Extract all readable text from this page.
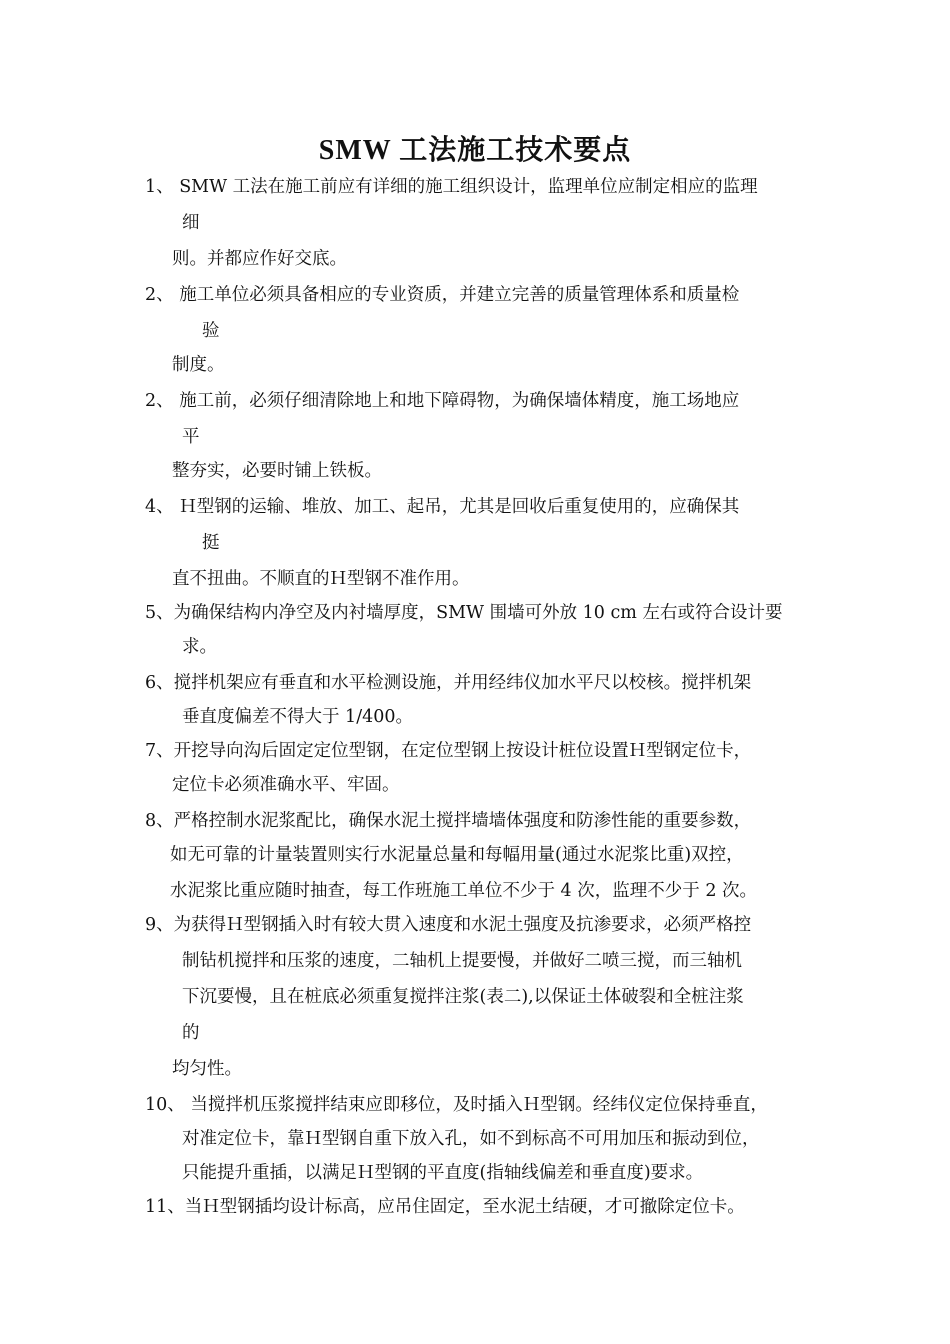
SMW 工法施工技术要点
1、 SMW 工法在施工前应有详细的施工组织设计，监理单位应制定相应的监理
细
则。并都应作好交底。
2、 施工单位必须具备相应的专业资质，并建立完善的质量管理体系和质量检
验
制度。
2、 施工前，必须仔细清除地上和地下障碍物，为确保墙体精度，施工场地应
平
整夯实，必要时铺上铁板。
4、 Ｈ型钢的运输、堆放、加工、起吊，尤其是回收后重复使用的，应确保其
挺
直不扭曲。不顺直的Ｈ型钢不准作用。
5、为确保结构内净空及内衬墙厚度，SMW 围墙可外放 10 cm 左右或符合设计要
求。
6、搅拌机架应有垂直和水平检测设施，并用经纬仪加水平尺以校核。搅拌机架
垂直度偏差不得大于 1/400。
7、开挖导向沟后固定定位型钢，在定位型钢上按设计桩位设置Ｈ型钢定位卡，
定位卡必须准确水平、牢固。
8、严格控制水泥浆配比，确保水泥土搅拌墙墙体强度和防渗性能的重要参数，
如无可靠的计量装置则实行水泥量总量和每幅用量(通过水泥浆比重)双控，
水泥浆比重应随时抽查，每工作班施工单位不少于 4 次，监理不少于 2 次。
9、为获得Ｈ型钢插入时有较大贯入速度和水泥土强度及抗渗要求，必须严格控
制钻机搅拌和压浆的速度，二轴机上提要慢，并做好二喷三搅，而三轴机
下沉要慢，且在桩底必须重复搅拌注浆(表二),以保证土体破裂和全桩注浆
的
均匀性。
10、 当搅拌机压浆搅拌结束应即移位，及时插入Ｈ型钢。经纬仪定位保持垂直，
对准定位卡，靠Ｈ型钢自重下放入孔，如不到标高不可用加压和振动到位，
只能提升重插，以满足Ｈ型钢的平直度(指轴线偏差和垂直度)要求。
11、当Ｈ型钢插均设计标高，应吊住固定，至水泥土结硬，才可撤除定位卡。
